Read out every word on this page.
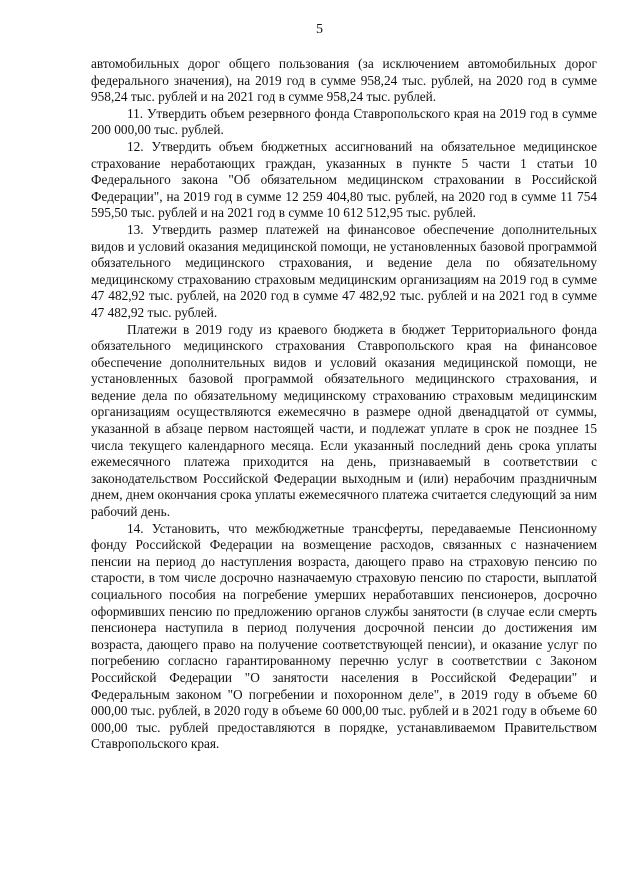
5

автомобильных дорог общего пользования (за исключением автомобильных дорог федерального значения), на 2019 год в сумме 958,24 тыс. рублей, на 2020 год в сумме 958,24 тыс. рублей и на 2021 год в сумме 958,24 тыс. рублей.

11. Утвердить объем резервного фонда Ставропольского края на 2019 год в сумме 200 000,00 тыс. рублей.

12. Утвердить объем бюджетных ассигнований на обязательное медицинское страхование неработающих граждан, указанных в пункте 5 части 1 статьи 10 Федерального закона "Об обязательном медицинском страховании в Российской Федерации", на 2019 год в сумме 12 259 404,80 тыс. рублей, на 2020 год в сумме 11 754 595,50 тыс. рублей и на 2021 год в сумме 10 612 512,95 тыс. рублей.

13. Утвердить размер платежей на финансовое обеспечение дополнительных видов и условий оказания медицинской помощи, не установленных базовой программой обязательного медицинского страхования, и ведение дела по обязательному медицинскому страхованию страховым медицинским организациям на 2019 год в сумме 47 482,92 тыс. рублей, на 2020 год в сумме 47 482,92 тыс. рублей и на 2021 год в сумме 47 482,92 тыс. рублей.

Платежи в 2019 году из краевого бюджета в бюджет Территориального фонда обязательного медицинского страхования Ставропольского края на финансовое обеспечение дополнительных видов и условий оказания медицинской помощи, не установленных базовой программой обязательного медицинского страхования, и ведение дела по обязательному медицинскому страхованию страховым медицинским организациям осуществляются ежемесячно в размере одной двенадцатой от суммы, указанной в абзаце первом настоящей части, и подлежат уплате в срок не позднее 15 числа текущего календарного месяца. Если указанный последний день срока уплаты ежемесячного платежа приходится на день, признаваемый в соответствии с законодательством Российской Федерации выходным и (или) нерабочим праздничным днем, днем окончания срока уплаты ежемесячного платежа считается следующий за ним рабочий день.

14. Установить, что межбюджетные трансферты, передаваемые Пенсионному фонду Российской Федерации на возмещение расходов, связанных с назначением пенсии на период до наступления возраста, дающего право на страховую пенсию по старости, в том числе досрочно назначаемую страховую пенсию по старости, выплатой социального пособия на погребение умерших неработавших пенсионеров, досрочно оформивших пенсию по предложению органов службы занятости (в случае если смерть пенсионера наступила в период получения досрочной пенсии до достижения им возраста, дающего право на получение соответствующей пенсии), и оказание услуг по погребению согласно гарантированному перечню услуг в соответствии с Законом Российской Федерации "О занятости населения в Российской Федерации" и Федеральным законом "О погребении и похоронном деле", в 2019 году в объеме 60 000,00 тыс. рублей, в 2020 году в объеме 60 000,00 тыс. рублей и в 2021 году в объеме 60 000,00 тыс. рублей предоставляются в порядке, устанавливаемом Правительством Ставропольского края.
